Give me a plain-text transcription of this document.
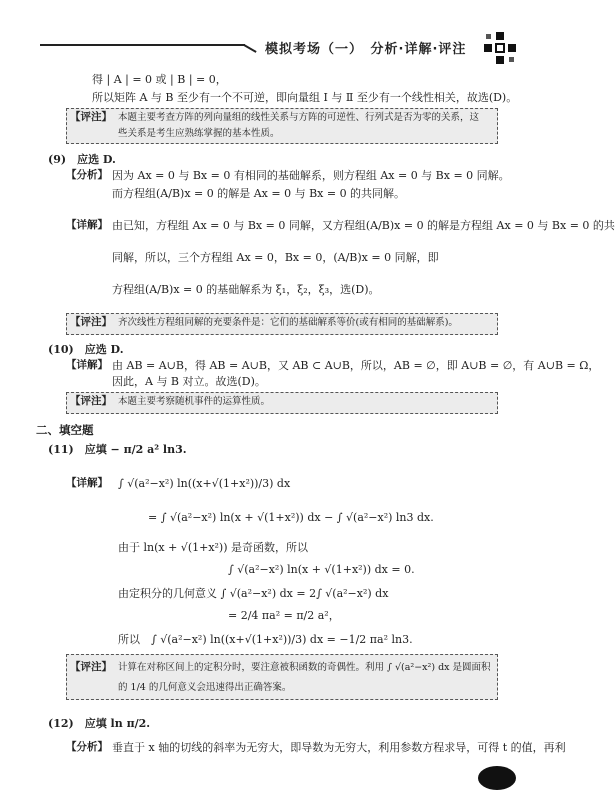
模拟考场（一）　分析·详解·评注
得 | A | = 0 或 | B | = 0，
所以矩阵 A 与 B 至少有一个不可逆，即向量组 Ⅰ 与 Ⅱ 至少有一个线性相关，故选(D)。
【评注】 本题主要考查方阵的列向量组的线性关系与方阵的可逆性、行列式是否为零的关系，这
些关系是考生应熟练掌握的基本性质。
(9)　应选 D.
【分析】 因为 Ax = 0 与 Bx = 0 有相同的基础解系，则方程组 Ax = 0 与 Bx = 0 同解。
而方程组(A/B)x = 0 的解是 Ax = 0 与 Bx = 0 的共同解。
【详解】 由已知，方程组 Ax = 0 与 Bx = 0 同解，又方程组(A/B)x = 0 的解是方程组 Ax = 0 与 Bx = 0 的共
同解，所以，三个方程组 Ax = 0，Bx = 0，(A/B)x = 0 同解，即
方程组(A/B)x = 0 的基础解系为 ξ₁，ξ₂，ξ₃，选(D)。
【评注】 齐次线性方程组同解的充要条件是：它们的基础解系等价(或有相同的基础解系)。
(10)　应选 D.
【详解】 由 AB = A∪B，得 AB = A∪B，又 AB ⊂ A∪B，所以，AB = ∅，即 A∪B = ∅，有 A∪B = Ω，
因此，A 与 B 对立。故选(D)。
【评注】 本题主要考察随机事件的运算性质。
二、填空题
(11)　应填 − π/2 a² ln3.
【详解】 ∫ √(a²−x²) ln((x+√(1+x²))/3) dx
= ∫ √(a²−x²) ln(x + √(1+x²)) dx − ∫ √(a²−x²) ln3 dx.
由于 ln(x + √(1+x²)) 是奇函数，所以
∫ √(a²−x²) ln(x + √(1+x²)) dx = 0.
由定积分的几何意义 ∫ √(a²−x²) dx = 2∫ √(a²−x²) dx
= 2/4 πa² = π/2 a²，
所以　∫ √(a²−x²) ln((x+√(1+x²))/3) dx = −1/2 πa² ln3.
【评注】 计算在对称区间上的定积分时，要注意被积函数的奇偶性。利用 ∫ √(a²−x²) dx 是圆面积
的 1/4 的几何意义会迅速得出正确答案。
(12)　应填 ln π/2.
【分析】 垂直于 x 轴的切线的斜率为无穷大，即导数为无穷大，利用参数方程求导，可得 t 的值，再利
